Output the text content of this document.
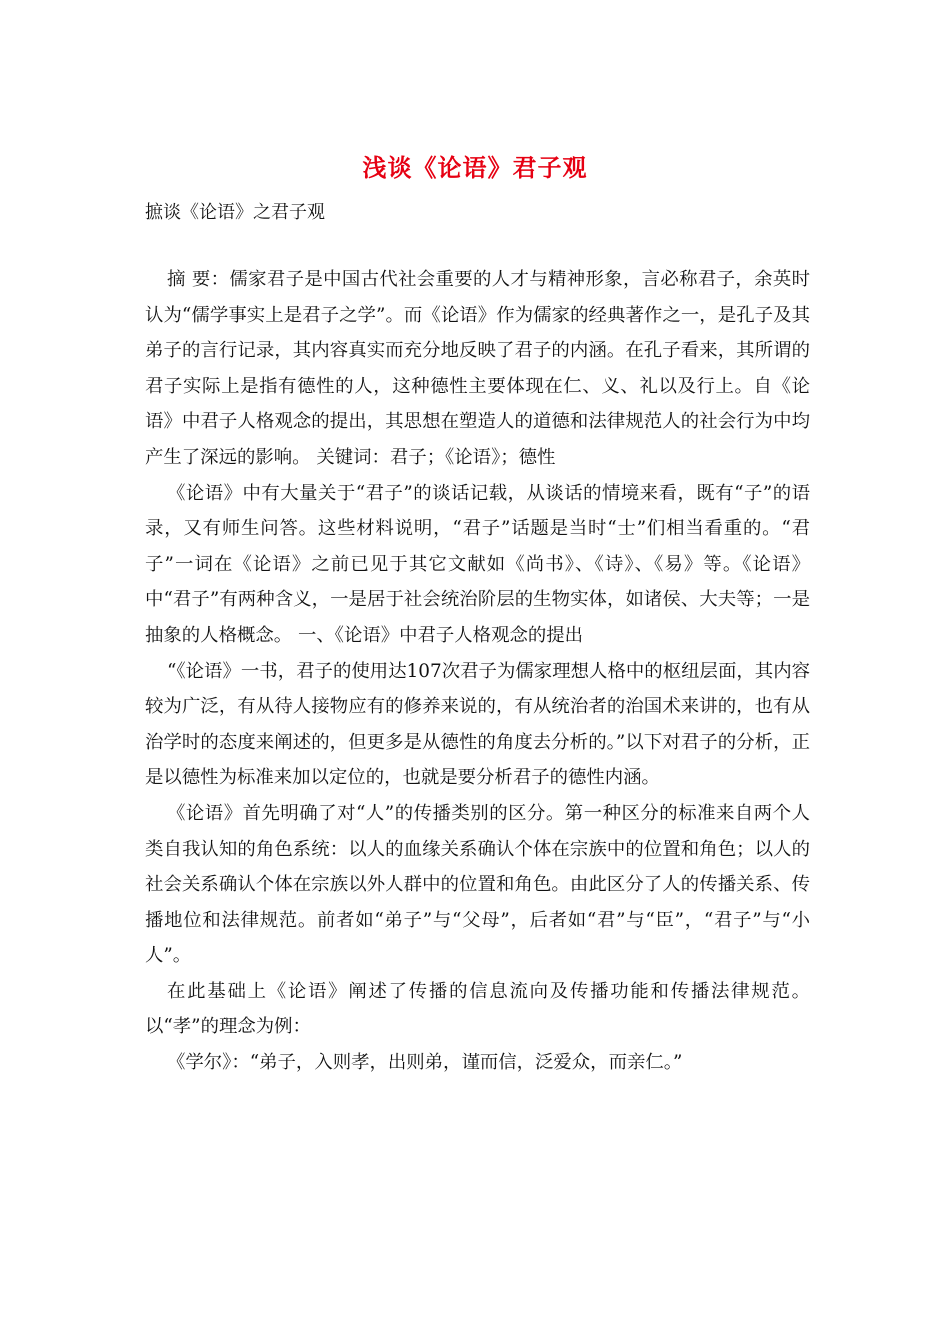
浅谈《论语》君子观
摭谈《论语》之君子观

摘 要：儒家君子是中国古代社会重要的人才与精神形象，言必称君子，余英时认为“儒学事实上是君子之学”。而《论语》作为儒家的经典著作之一，是孔子及其弟子的言行记录，其内容真实而充分地反映了君子的内涵。在孔子看来，其所谓的君子实际上是指有德性的人，这种德性主要体现在仁、义、礼以及行上。自《论语》中君子人格观念的提出，其思想在塑造人的道德和法律规范人的社会行为中均产生了深远的影响。 关键词：君子；《论语》；德性

《论语》中有大量关于“君子”的谈话记载，从谈话的情境来看，既有“子”的语录，又有师生问答。这些材料说明，“君子”话题是当时“士”们相当看重的。“君子”一词在《论语》之前已见于其它文献如《尚书》、《诗》、《易》等。《论语》中“君子”有两种含义，一是居于社会统治阶层的生物实体，如诸侯、大夫等；一是抽象的人格概念。 一、《论语》中君子人格观念的提出

“《论语》一书，君子的使用达107次君子为儒家理想人格中的枢纽层面，其内容较为广泛，有从待人接物应有的修养来说的，有从统治者的治国术来讲的，也有从治学时的态度来阐述的，但更多是从德性的角度去分析的。”以下对君子的分析，正是以德性为标准来加以定位的，也就是要分析君子的德性内涵。

《论语》首先明确了对“人”的传播类别的区分。第一种区分的标准来自两个人类自我认知的角色系统：以人的血缘关系确认个体在宗族中的位置和角色；以人的社会关系确认个体在宗族以外人群中的位置和角色。由此区分了人的传播关系、传播地位和法律规范。前者如“弟子”与“父母”，后者如“君”与“臣”，“君子”与“小人”。

在此基础上《论语》阐述了传播的信息流向及传播功能和传播法律规范。以“孝”的理念为例：

《学尔》：“弟子，入则孝，出则弟，谨而信，泛爱众，而亲仁。”
